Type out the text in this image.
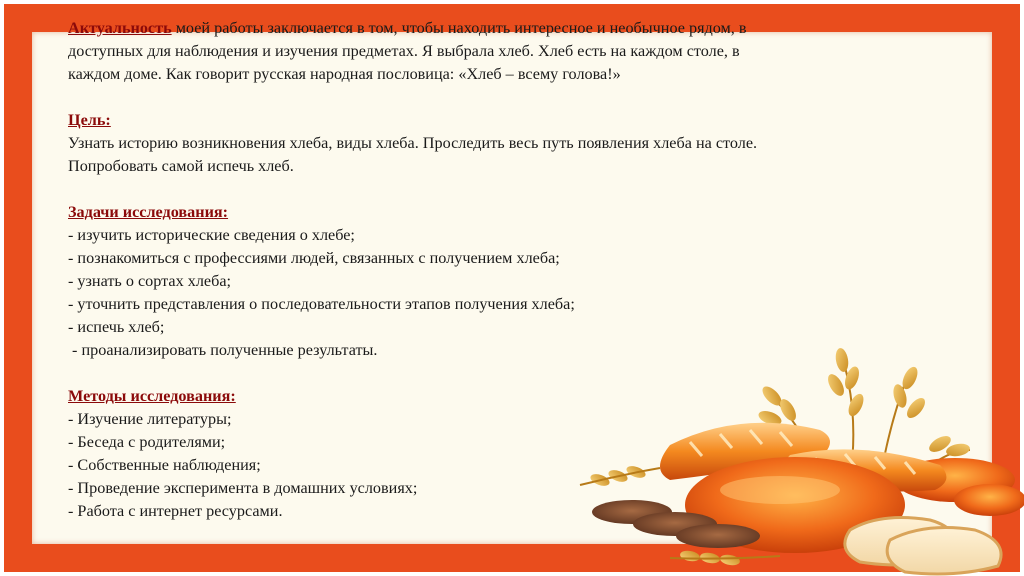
Актуальность моей работы заключается в том, чтобы находить интересное и необычное рядом, в

доступных для наблюдения и изучения предметах. Я выбрала хлеб. Хлеб есть на каждом столе, в

каждом доме. Как говорит русская народная пословица: «Хлеб – всему голова!»

Цель:

Узнать историю возникновения хлеба, виды хлеба. Проследить весь путь появления хлеба на столе.

Попробовать самой испечь хлеб.

Задачи исследования:

- изучить исторические сведения о хлебе;

- познакомиться с профессиями людей, связанных с получением хлеба;

- узнать о сортах хлеба;

- уточнить представления о последовательности этапов получения хлеба;

- испечь хлеб;

- проанализировать полученные результаты.

Методы исследования:

- Изучение литературы;

- Беседа с родителями;

- Собственные наблюдения;

- Проведение эксперимента в домашних условиях;

- Работа с интернет ресурсами.
